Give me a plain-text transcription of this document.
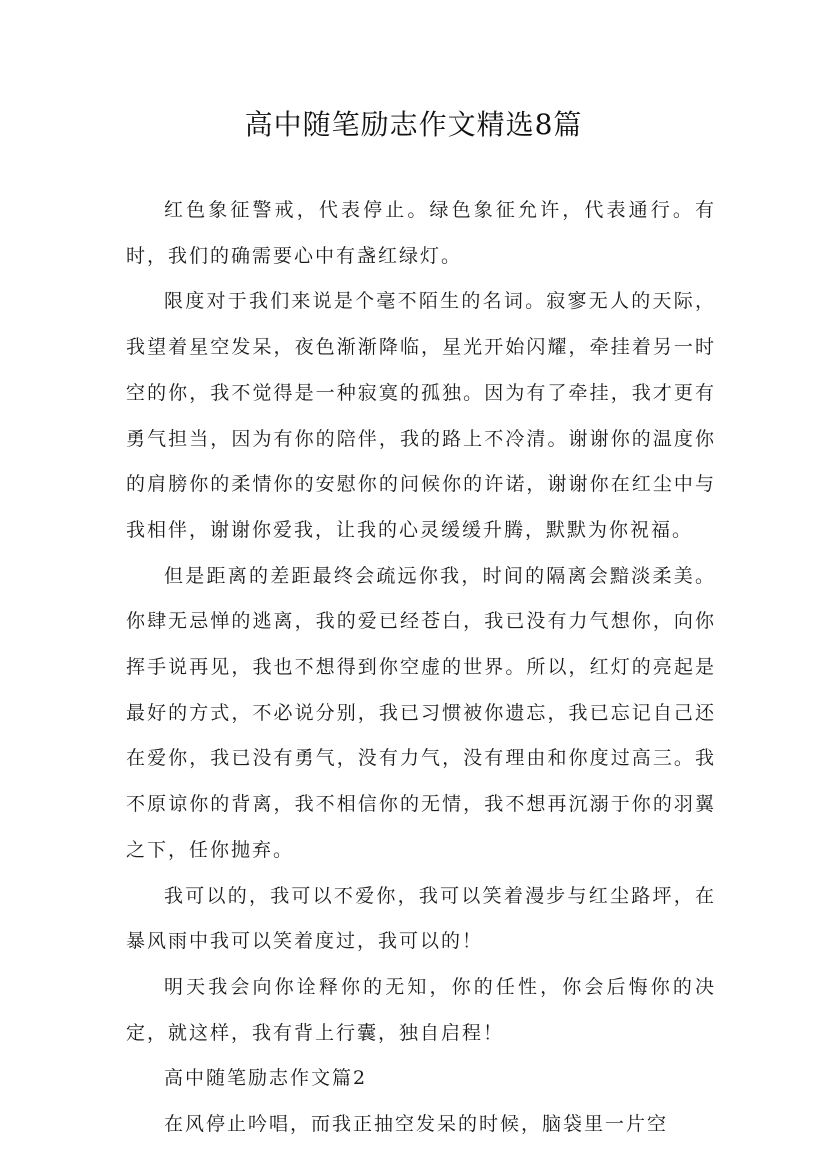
高中随笔励志作文精选8篇

红色象征警戒，代表停止。绿色象征允许，代表通行。有时，我们的确需要心中有盏红绿灯。

限度对于我们来说是个毫不陌生的名词。寂寥无人的天际，我望着星空发呆，夜色渐渐降临，星光开始闪耀，牵挂着另一时空的你，我不觉得是一种寂寞的孤独。因为有了牵挂，我才更有勇气担当，因为有你的陪伴，我的路上不冷清。谢谢你的温度你的肩膀你的柔情你的安慰你的问候你的许诺，谢谢你在红尘中与我相伴，谢谢你爱我，让我的心灵缓缓升腾，默默为你祝福。

但是距离的差距最终会疏远你我，时间的隔离会黯淡柔美。你肆无忌惮的逃离，我的爱已经苍白，我已没有力气想你，向你挥手说再见，我也不想得到你空虚的世界。所以，红灯的亮起是最好的方式，不必说分别，我已习惯被你遗忘，我已忘记自己还在爱你，我已没有勇气，没有力气，没有理由和你度过高三。我不原谅你的背离，我不相信你的无情，我不想再沉溺于你的羽翼之下，任你抛弃。

我可以的，我可以不爱你，我可以笑着漫步与红尘路坪，在暴风雨中我可以笑着度过，我可以的！

明天我会向你诠释你的无知，你的任性，你会后悔你的决定，就这样，我有背上行囊，独自启程！

高中随笔励志作文篇2

在风停止吟唱，而我正抽空发呆的时候，脑袋里一片空
